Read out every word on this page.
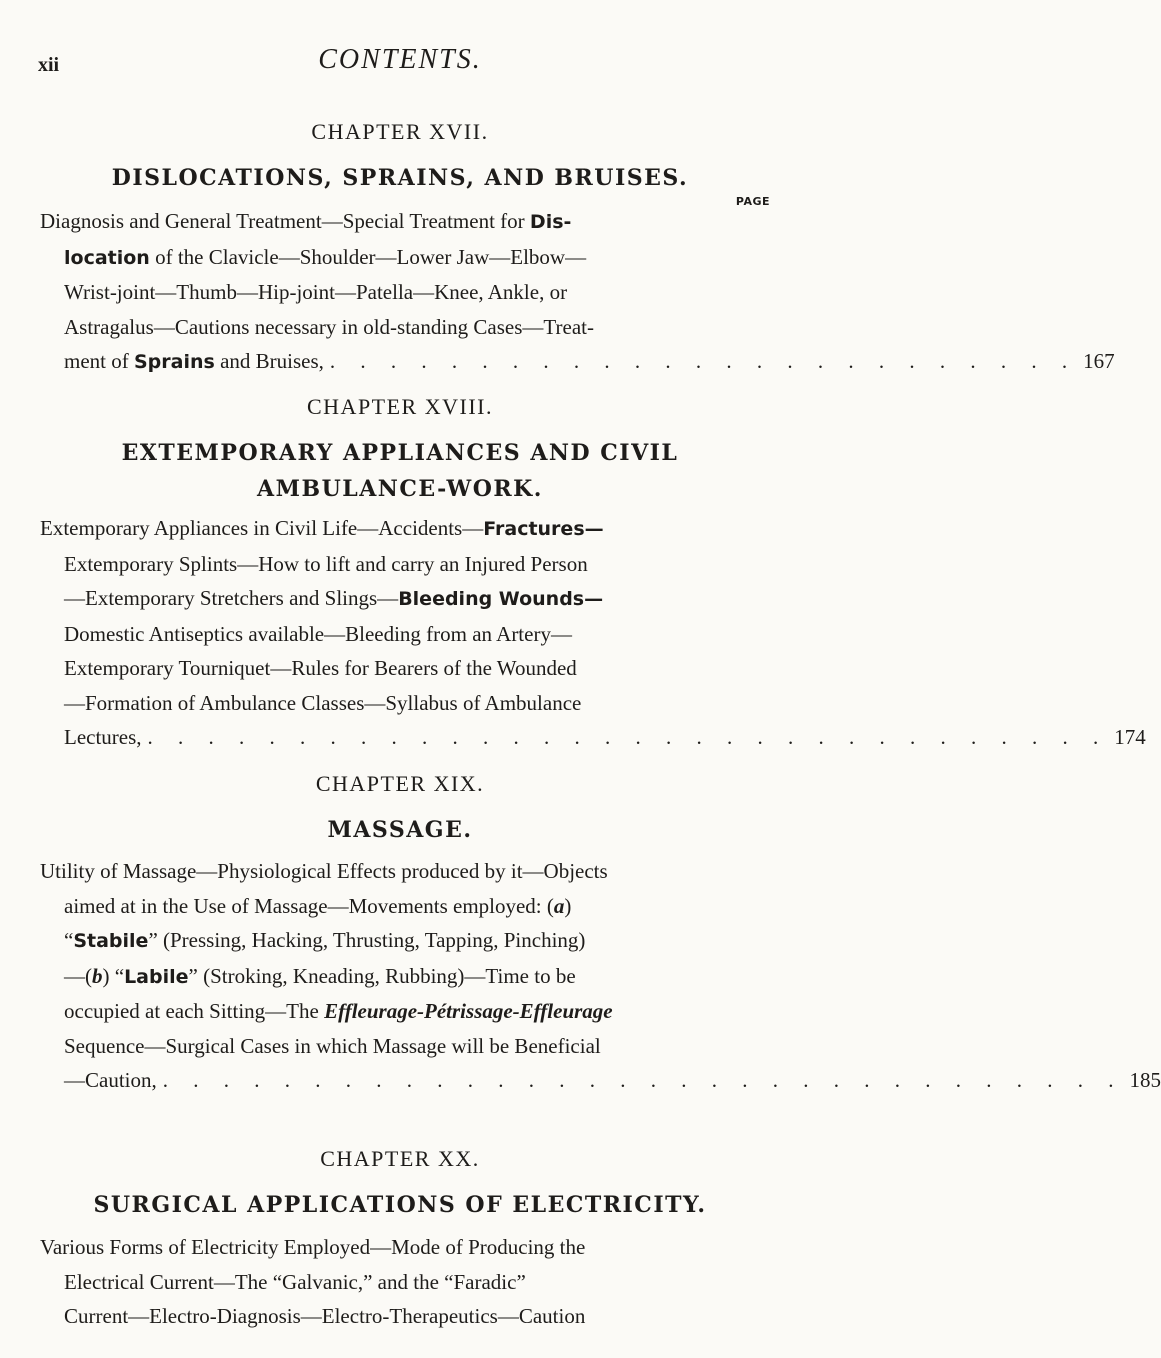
xii	CONTENTS.
CHAPTER XVII.
DISLOCATIONS, SPRAINS, AND BRUISES.
PAGE
Diagnosis and General Treatment—Special Treatment for Dis-
location of the Clavicle—Shoulder—Lower Jaw—Elbow—
Wrist-joint—Thumb—Hip-joint—Patella—Knee, Ankle, or
Astragalus—Cautions necessary in old-standing Cases—Treat-
ment of Sprains and Bruises, . . . . . . . . . . . . . . . . . . . . . . . . . 167
CHAPTER XVIII.
EXTEMPORARY APPLIANCES AND CIVIL
AMBULANCE-WORK.
Extemporary Appliances in Civil Life—Accidents—Fractures—
Extemporary Splints—How to lift and carry an Injured Person
—Extemporary Stretchers and Slings—Bleeding Wounds—
Domestic Antiseptics available—Bleeding from an Artery—
Extemporary Tourniquet—Rules for Bearers of the Wounded
—Formation of Ambulance Classes—Syllabus of Ambulance
Lectures, . . . . . . . . . . . . . . . . . . . . . . . . . . . . . . . . 174
CHAPTER XIX.
MASSAGE.
Utility of Massage—Physiological Effects produced by it—Objects
aimed at in the Use of Massage—Movements employed: (a)
“Stabile” (Pressing, Hacking, Thrusting, Tapping, Pinching)
—(b) “Labile” (Stroking, Kneading, Rubbing)—Time to be
occupied at each Sitting—The Effleurage-Pétrissage-Effleurage
Sequence—Surgical Cases in which Massage will be Beneficial
—Caution, . . . . . . . . . . . . . . . . . . . . . . . . . . . . . . . . 185
CHAPTER XX.
SURGICAL APPLICATIONS OF ELECTRICITY.
Various Forms of Electricity Employed—Mode of Producing the
Electrical Current—The “Galvanic,” and the “Faradic”
Current—Electro-Diagnosis—Electro-Therapeutics—Caution
